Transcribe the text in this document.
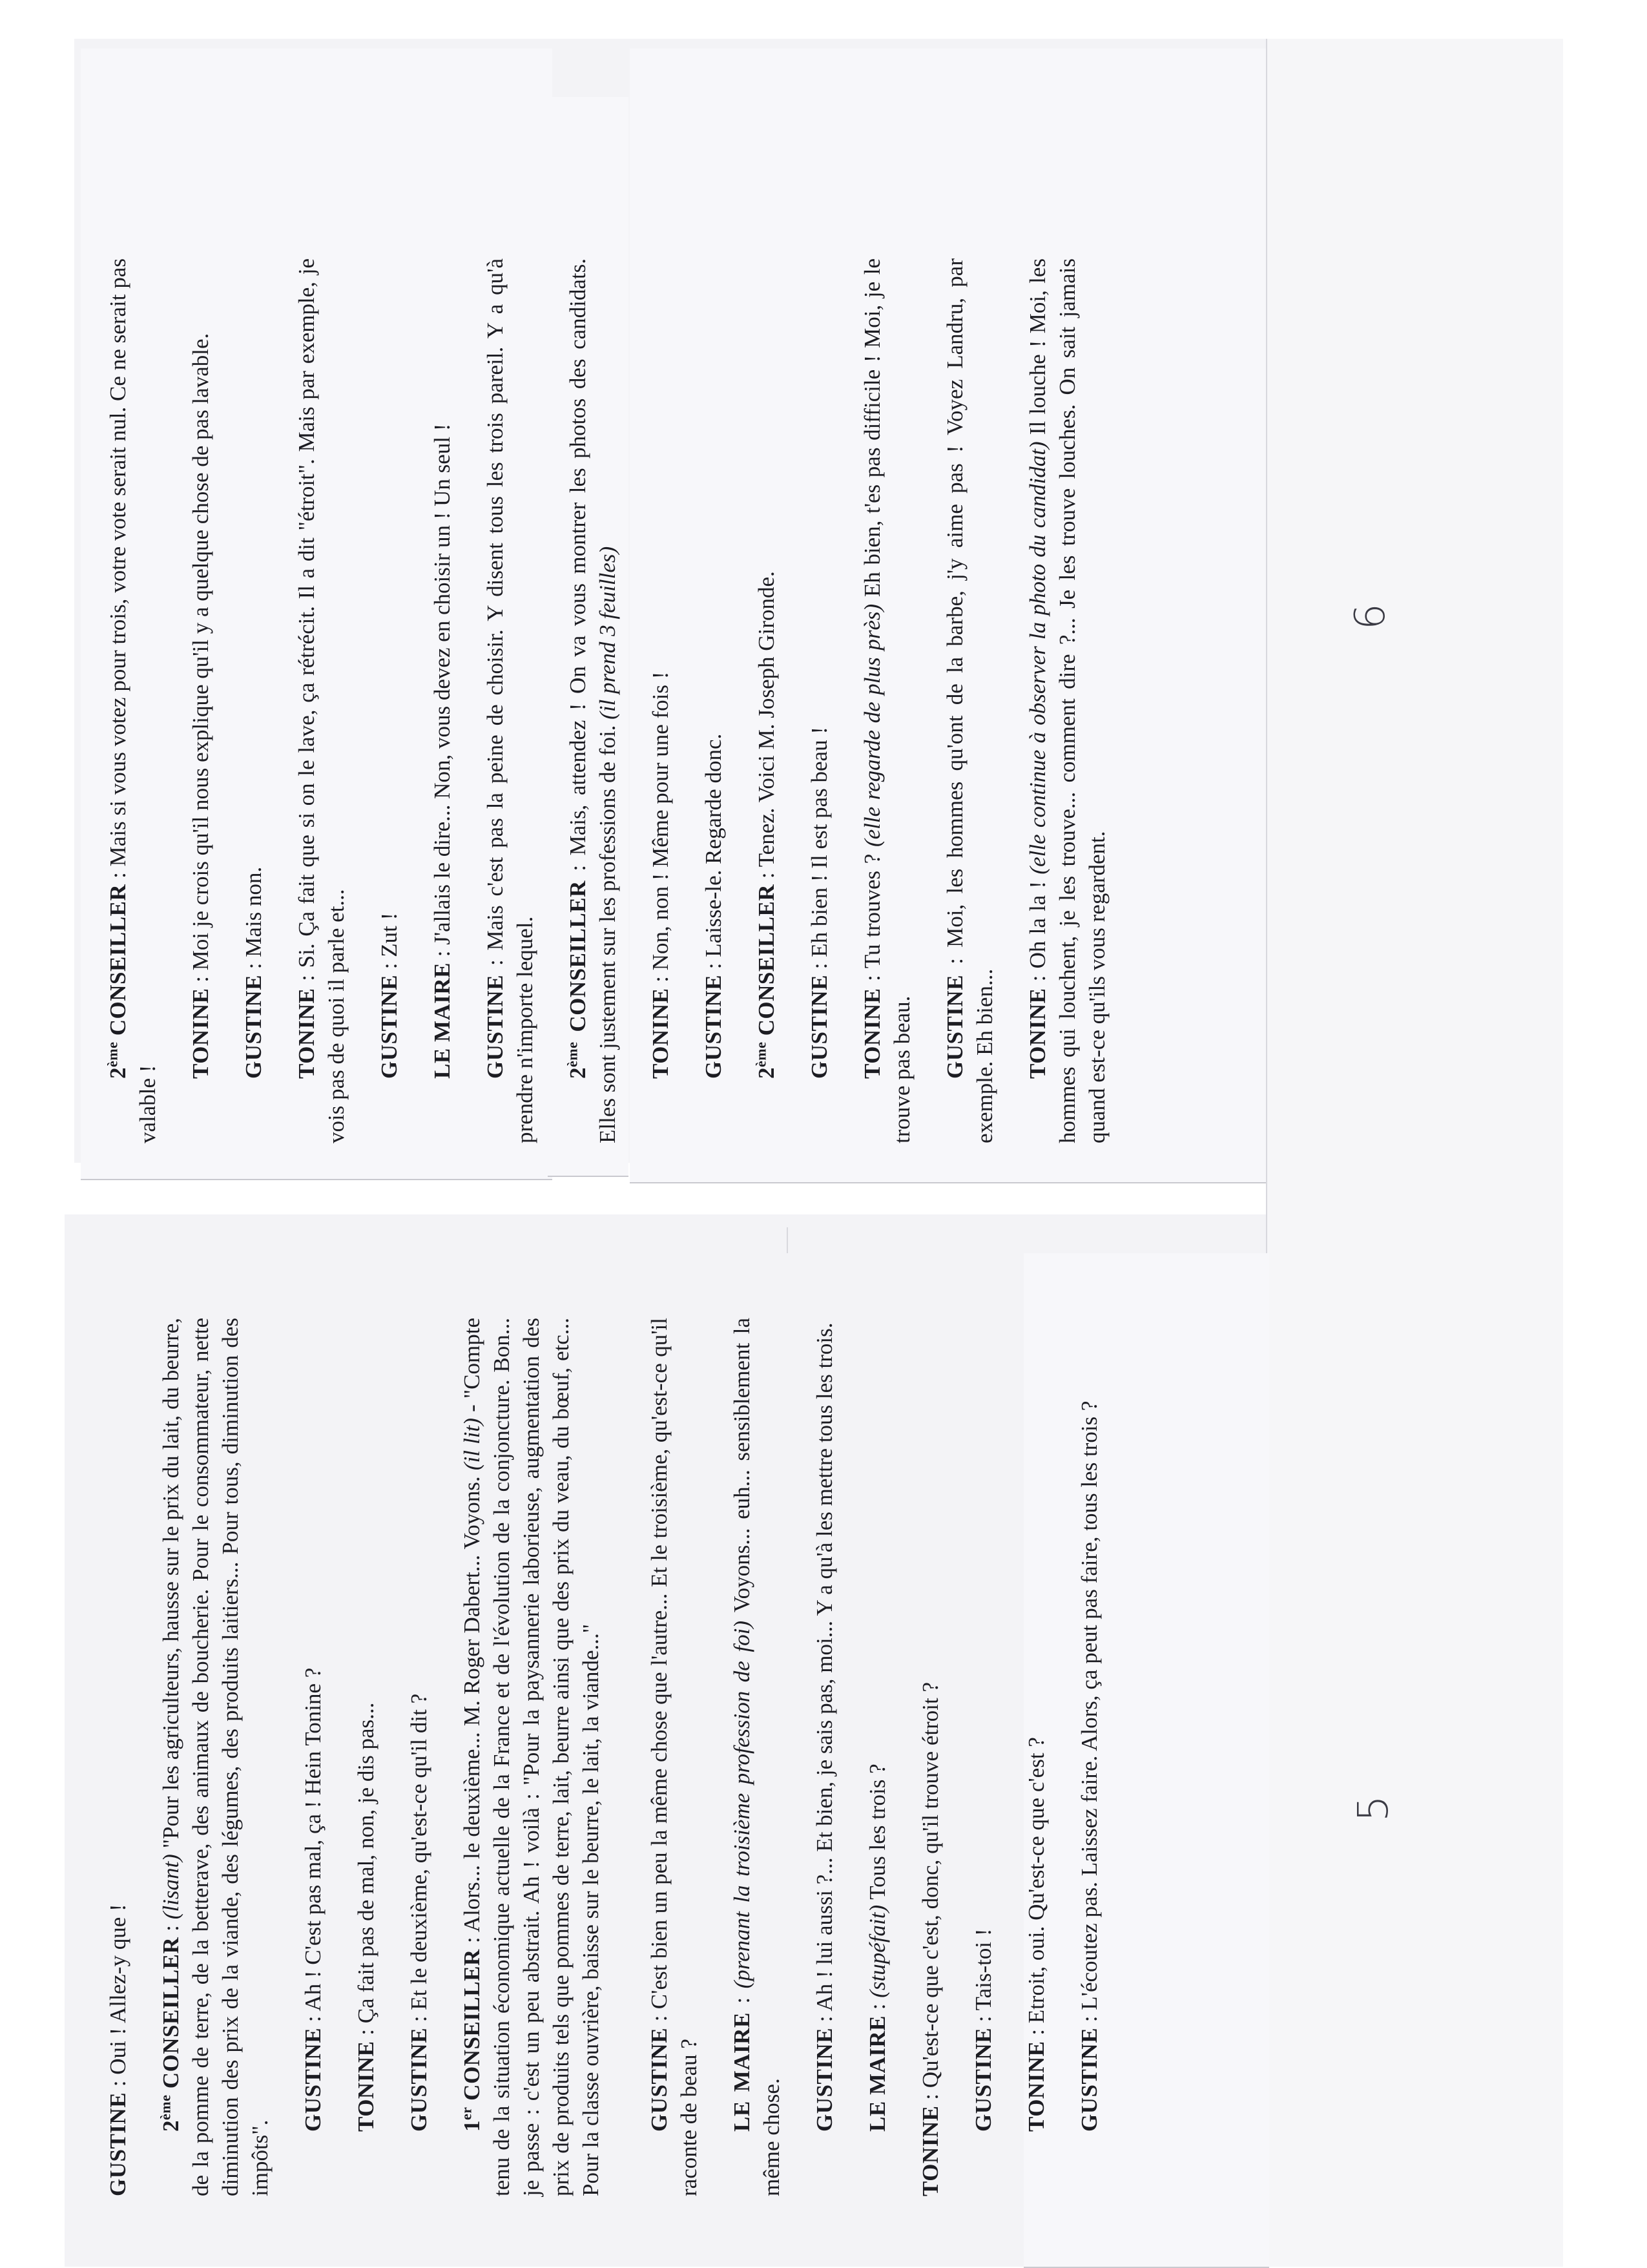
GUSTINE : Oui ! Allez-y que !

2ème CONSEILLER : (lisant) "Pour les agriculteurs, hausse sur le prix du lait, du beurre, de la pomme de terre, de la betterave, des animaux de boucherie. Pour le consommateur, nette diminution des prix de la viande, des légumes, des produits laitiers... Pour tous, diminution des impôts".

GUSTINE : Ah ! C'est pas mal, ça ! Hein Tonine ?

TONINE : Ça fait pas de mal, non, je dis pas...

GUSTINE : Et le deuxième, qu'est-ce qu'il dit ?

1er CONSEILLER : Alors... le deuxième... M. Roger Dabert... Voyons. (il lit) - "Compte tenu de la situation économique actuelle de la France et de l'évolution de la conjoncture. Bon... je passe : c'est un peu abstrait. Ah ! voilà : "Pour la paysannerie laborieuse, augmentation des prix de produits tels que pommes de terre, lait, beurre ainsi que des prix du veau, du bœuf, etc... Pour la classe ouvrière, baisse sur le beurre, le lait, la viande..." GUSTINE : C'est bien un peu la même chose que l'autre... Et le troisième, qu'est-ce qu'il raconte de beau ? LE MAIRE : (prenant la troisième profession de foi) Voyons... euh... sensiblement la même chose. GUSTINE : Ah ! lui aussi ?... Et bien, je sais pas, moi... Y a qu'à les mettre tous les trois.

LE MAIRE : (stupéfait) Tous les trois ?

TONINE : Qu'est-ce que c'est, donc, qu'il trouve étroit ? GUSTINE : Tais-toi !

TONINE : Etroit, oui. Qu'est-ce que c'est ?

GUSTINE : L'écoutez pas. Laissez faire. Alors, ça peut pas faire, tous les trois ?

2ème CONSEILLER : Mais si vous votez pour trois, votre vote serait nul. Ce ne serait pas valable !

TONINE : Moi je crois qu'il nous explique qu'il y a quelque chose de pas lavable.

GUSTINE : Mais non.

TONINE : Si. Ça fait que si on le lave, ça rétrécit. Il a dit "étroit". Mais par exemple, je vois pas de quoi il parle et... GUSTINE : Zut !

LE MAIRE : J'allais le dire... Non, vous devez en choisir un ! Un seul !

GUSTINE : Mais c'est pas la peine de choisir. Y disent tous les trois pareil. Y a qu'à prendre n'importe lequel. 2ème CONSEILLER : Mais, attendez ! On va vous montrer les photos des candidats. Elles sont justement sur les professions de foi. (il prend 3 feuilles)

TONINE : Non, non ! Même pour une fois !

GUSTINE : Laisse-le. Regarde donc.

2ème CONSEILLER : Tenez. Voici M. Joseph Gironde.

GUSTINE : Eh bien ! Il est pas beau !

TONINE : Tu trouves ? (elle regarde de plus près) Eh bien, t'es pas difficile ! Moi, je le trouve pas beau. GUSTINE : Moi, les hommes qu'ont de la barbe, j'y aime pas ! Voyez Landru, par exemple. Eh bien... TONINE : Oh la la ! (elle continue à observer la photo du candidat) Il louche ! Moi, les hommes qui louchent, je les trouve... comment dire ?... Je les trouve louches. On sait jamais quand est-ce qu'ils vous regardent.

5
6
